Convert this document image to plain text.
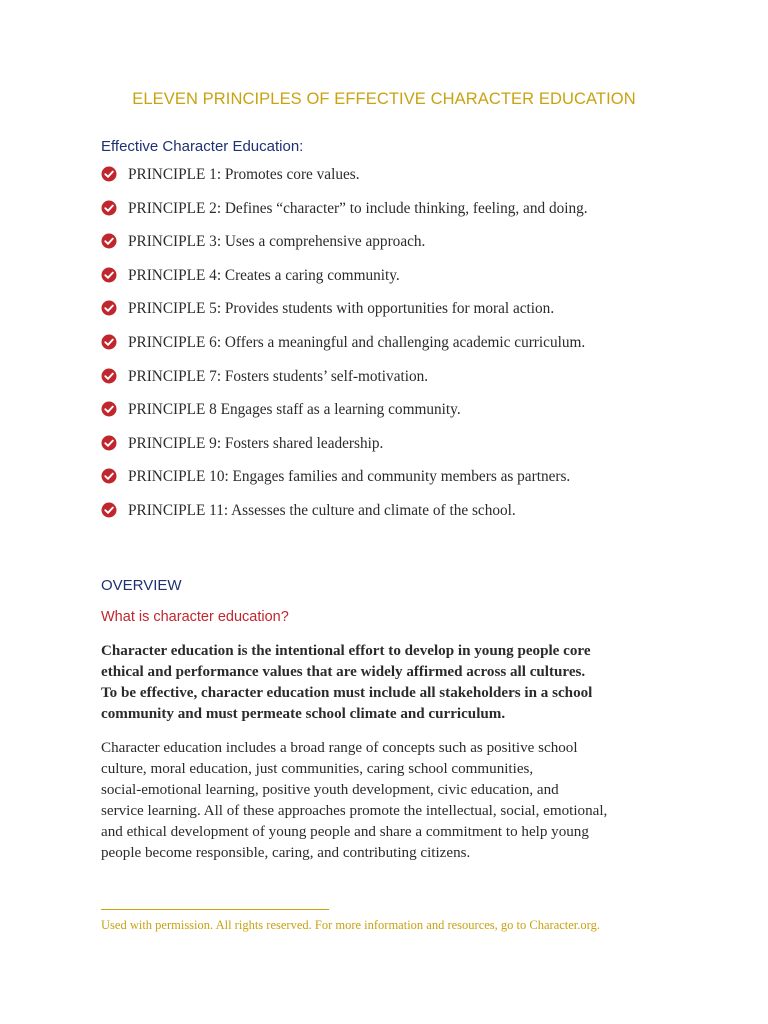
ELEVEN PRINCIPLES OF EFFECTIVE CHARACTER EDUCATION
Effective Character Education:
PRINCIPLE 1: Promotes core values.
PRINCIPLE 2: Defines “character” to include thinking, feeling, and doing.
PRINCIPLE 3: Uses a comprehensive approach.
PRINCIPLE 4: Creates a caring community.
PRINCIPLE 5: Provides students with opportunities for moral action.
PRINCIPLE 6: Offers a meaningful and challenging academic curriculum.
PRINCIPLE 7: Fosters students’ self-motivation.
PRINCIPLE 8 Engages staff as a learning community.
PRINCIPLE 9: Fosters shared leadership.
PRINCIPLE 10: Engages families and community members as partners.
PRINCIPLE 11: Assesses the culture and climate of the school.
OVERVIEW
What is character education?

Character education is the intentional effort to develop in young people core
ethical and performance values that are widely affirmed across all cultures.
To be effective, character education must include all stakeholders in a school
community and must permeate school climate and curriculum.

Character education includes a broad range of concepts such as positive school
culture, moral education, just communities, caring school communities,
social-emotional learning, positive youth development, civic education, and
service learning. All of these approaches promote the intellectual, social, emotional,
and ethical development of young people and share a commitment to help young
people become responsible, caring, and contributing citizens.

Used with permission. All rights reserved. For more information and resources, go to Character.org.
